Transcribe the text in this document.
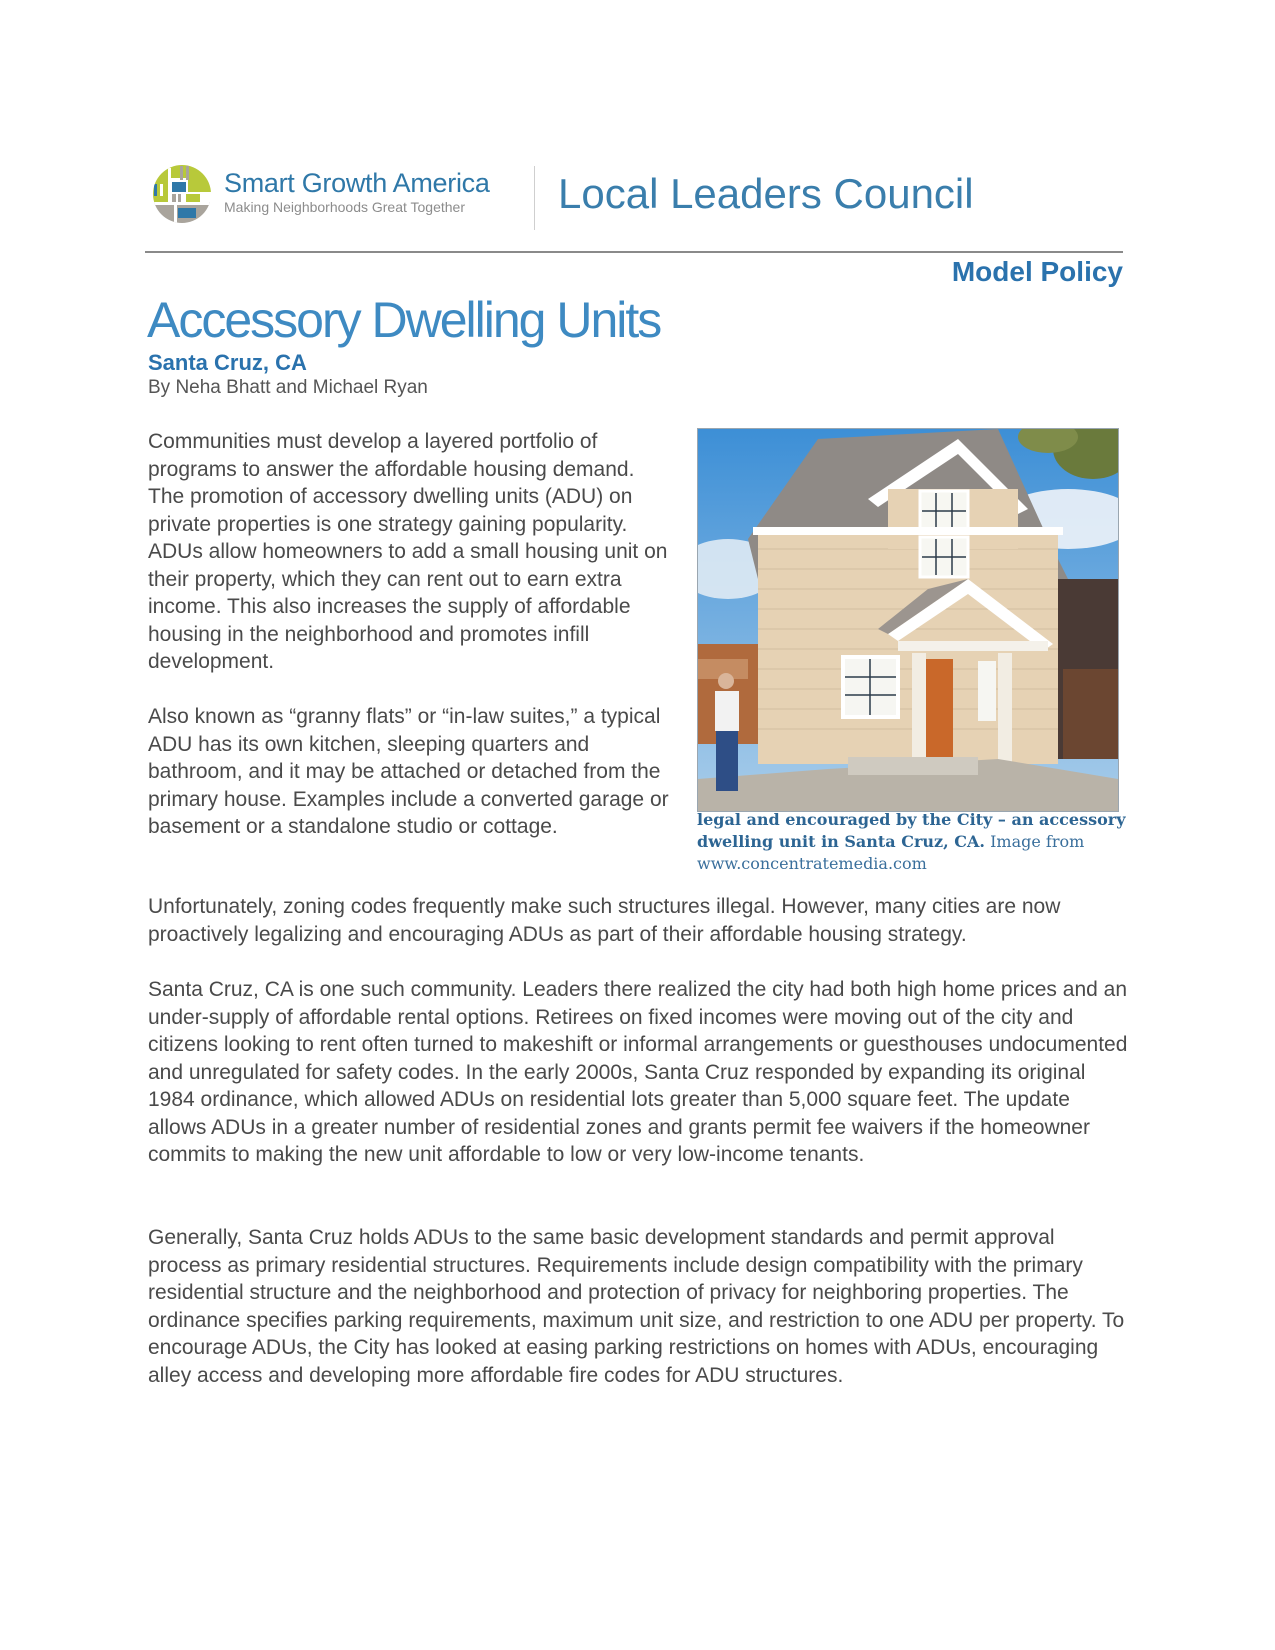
Smart Growth America
Making Neighborhoods Great Together	Local Leaders Council
Model Policy
Accessory Dwelling Units
Santa Cruz, CA
By Neha Bhatt and Michael Ryan

Communities must develop a layered portfolio of programs to answer the affordable housing demand. The promotion of accessory dwelling units (ADU) on private properties is one strategy gaining popularity. ADUs allow homeowners to add a small housing unit on their property, which they can rent out to earn extra income. This also increases the supply of affordable housing in the neighborhood and promotes infill development.

Also known as “granny flats” or “in-law suites,” a typical ADU has its own kitchen, sleeping quarters and bathroom, and it may be attached or detached from the primary house. Examples include a converted garage or basement or a standalone studio or cottage.	legal and encouraged by the City – an accessory
dwelling unit in Santa Cruz, CA. Image from
www.concentratemedia.com

Unfortunately, zoning codes frequently make such structures illegal. However, many cities are now proactively legalizing and encouraging ADUs as part of their affordable housing strategy.

Santa Cruz, CA is one such community. Leaders there realized the city had both high home prices and an under-supply of affordable rental options. Retirees on fixed incomes were moving out of the city and citizens looking to rent often turned to makeshift or informal arrangements or guesthouses undocumented and unregulated for safety codes. In the early 2000s, Santa Cruz responded by expanding its original 1984 ordinance, which allowed ADUs on residential lots greater than 5,000 square feet. The update allows ADUs in a greater number of residential zones and grants permit fee waivers if the homeowner commits to making the new unit affordable to low or very low-income tenants.

Generally, Santa Cruz holds ADUs to the same basic development standards and permit approval process as primary residential structures. Requirements include design compatibility with the primary residential structure and the neighborhood and protection of privacy for neighboring properties. The ordinance specifies parking requirements, maximum unit size, and restriction to one ADU per property. To encourage ADUs, the City has looked at easing parking restrictions on homes with ADUs, encouraging alley access and developing more affordable fire codes for ADU structures.
